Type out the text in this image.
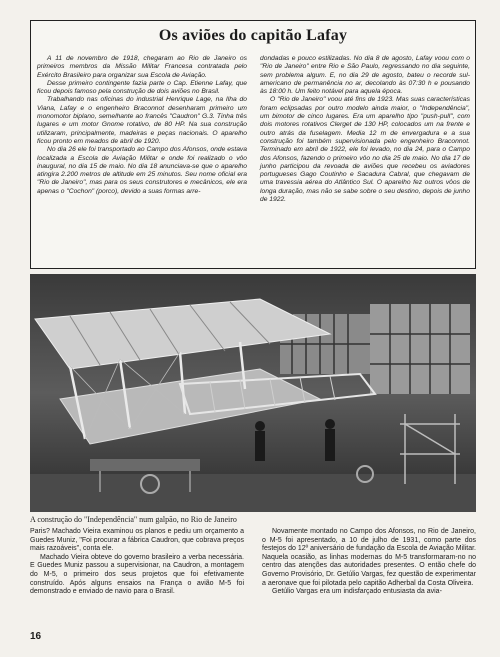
Os aviões do capitão Lafay

A 11 de novembro de 1918, chegaram ao Rio de Janeiro os primeiros membros da Missão Militar Francesa contratada pelo Exército Brasileiro para organizar sua Escola de Aviação.

Desse primeiro contingente fazia parte o Cap. Etienne Lafay, que ficou depois famoso pela construção de dois aviões no Brasil.

Trabalhando nas oficinas do industrial Henrique Lage, na Ilha do Viana, Lafay e o engenheiro Braconnot desenharam primeiro um monomotor biplano, semelhante ao francês "Caudron" G.3. Tinha três lugares e um motor Gnome rotativo, de 80 HP. Na sua construção utilizaram, principalmente, madeiras e peças nacionais. O aparelho ficou pronto em meados de abril de 1920.

No dia 26 ele foi transportado ao Campo dos Afonsos, onde estava localizada a Escola de Aviação Militar e onde foi realizado o vôo inaugural, no dia 15 de maio. No dia 18 anunciava-se que o aparelho atingira 2.200 metros de altitude em 25 minutos. Seu nome oficial era "Rio de Janeiro", mas para os seus construtores e mecânicos, ele era apenas o "Cochon" (porco), devido a suas formas arre-

dondadas e pouco estilizadas. No dia 8 de agosto, Lafay voou com o "Rio de Janeiro" entre Rio e São Paulo, regressando no dia seguinte, sem problema algum. E, no dia 29 de agosto, bateu o recorde sul-americano de permanência no ar, decolando às 07:30 h e pousando às 18:00 h. Um feito notável para aquela época.

O "Rio de Janeiro" voou até fins de 1923. Mas suas características foram eclipsadas por outro modelo ainda maior, o "Independência", um bimotor de cinco lugares. Era um aparelho tipo "push-pull", com dois motores rotativos Clerget de 130 HP, colocados um na frente e outro atrás da fuselagem. Media 12 m de envergadura e a sua construção foi também supervisionada pelo engenheiro Braconnot. Terminado em abril de 1922, ele foi levado, no dia 24, para o Campo dos Afonsos, fazendo o primeiro vôo no dia 25 de maio. No dia 17 de junho participou da revoada de aviões que recebeu os aviadores portugueses Gago Coutinho e Sacadura Cabral, que chegavam de uma travessia aérea do Atlântico Sul. O aparelho fez outros vôos de longa duração, mas não se sabe sobre o seu destino, depois de junho de 1922.

A construção do "Independência" num galpão, no Rio de Janeiro

Paris? Machado Vieira examinou os planos e pediu um orçamento a Guedes Muniz, "Foi procurar a fábrica Caudron, que cobrava preços mais razoáveis", conta ele.

Machado Vieira obteve do governo brasileiro a verba necessária. E Guedes Muniz passou a supervisionar, na Caudron, a montagem do M-5, o primeiro dos seus projetos que foi efetivamente construído. Após alguns ensaios na França o avião M-5 foi demonstrado e enviado de navio para o Brasil.

Novamente montado no Campo dos Afonsos, no Rio de Janeiro, o M-5 foi apresentado, a 10 de julho de 1931, como parte dos festejos do 12º aniversário de fundação da Escola de Aviação Militar. Naquela ocasião, as linhas modernas do M-5 transformaram-no no centro das atenções das autoridades presentes. O então chefe do Governo Provisório, Dr. Getúlio Vargas, fez questão de experimentar a aeronave que foi pilotada pelo capitão Adherbal da Costa Oliveira.

Getúlio Vargas era um indisfarçado entusiasta da avia-

16
